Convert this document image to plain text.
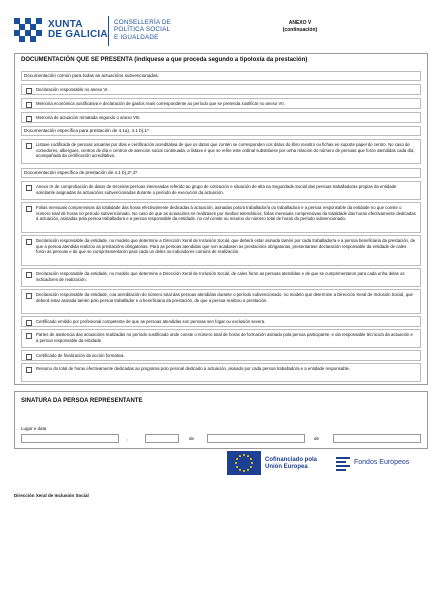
XUNTA
DE GALICIA
CONSELLERÍA DE
POLÍTICA SOCIAL
E IGUALDADE
ANEXO V
(continuación)
DOCUMENTACIÓN QUE SE PRESENTA (indíquese a que proceda segundo a tipoloxía da prestación)
Documentación común para todas as actuacións subvencionadas.
Declaración responsable no anexo VI.
Memoria económica xustificativa e declaración de gastos reais correspondente ao período que se pretenda xustificar no anexo VII.
Memoria de actuación rematada segundo o anexo VIII.
Documentación específica para prestación de 4.1a), 4.1 b),1*
Listaxe codificada de persoas usuarias por días e certificación acreditativa de que os datos que contén se corresponden cos datos do libro rexistro ou fichas en soporte papel do centro. No caso de comedores, albergues, centros de día e centros de atención social continuada, a listaxe é que se refire este ordinal substitúese por unha relación do número de persoas que foron atendidas cada día, acompañada da certificación acreditativa.
Documentación específica de prestación de 4.1 b),2*,3*
Anexo IX de comprobación de datos de terceiras persoas interesadas referido ao grupo de cotización e situación de alta na Seguridade Social das persoas traballadoras propias da entidade solicitante asignadas ás actuacións subvencionadas durante o período de execución da actuación.
Folias mensuais comprensivas da totalidade das horas efectivamente dedicadas á actuación, asinadas polo/a traballador/a ou traballadora e a persoa responsable da entidade no que conste o número total de horas no período subvencionado. No caso de que as actuacións se realizasen por medios telemáticos, folias mensuais comprensivas da totalidade das horas efectivamente dedicadas á actuación, asinadas pola persoa traballadora e a persoa responsable da entidade, no cal conste ou resumo do número total de horas do período subvencionado.
Declaración responsable da entidade, no modelo que determine a Dirección Xeral de Inclusión Social, que deberá estar asinada tamén por cada traballador/a e a persoa beneficiaria da prestación, de que a persoa atendida realizou as prestacións obrigatorias. Para as persoas atendidas que non acadasen as prestacións obrigatorias, presentarase declaración responsable da entidade de cales foron as persoas e de que se cumpriramentaron para cada un deles os indicadores comúns de realización.
Declaración responsable da entidade, no modelo que determine a Dirección Xeral de Inclusión Social, de cales foron as persoas atendidas e de que se cumprimentaron para cada unha delas os indicadores de realización.
Declaración responsable da entidade, coa acreditación do número total das persoas atendidas durante o período subvencionado, no modelo que determine a Dirección Xeral de Inclusión Social, que deberá estar asinada tamén polo persoa traballador e a beneficiaria da prestación, de que a persoa realizou a prestación.
Certificado emitido por profesional competente de que as persoas atendidas son persoas sen fogar ou exclusión severa.
Partes de asistencia das actuacións realizadas no período xustificado onde conste o número total de horas de formación asinado pola persoa participante, e ola responsable técnico/a da actuación e a persoa responsable da entidade.
Certificado de finalización da acción formativa.
Resumo do total de horas efectivamente dedicadas ao programa polo persoal dedicado a actuación, asinado por cada persoa traballadora e a entidade responsable.
SINATURA DA PERSOA REPRESENTANTE
Lugar e data
,	de	de
Cofinanciado pola
Unión Europea
Fondos Europeos
Dirección Xeral de Inclusión Social
